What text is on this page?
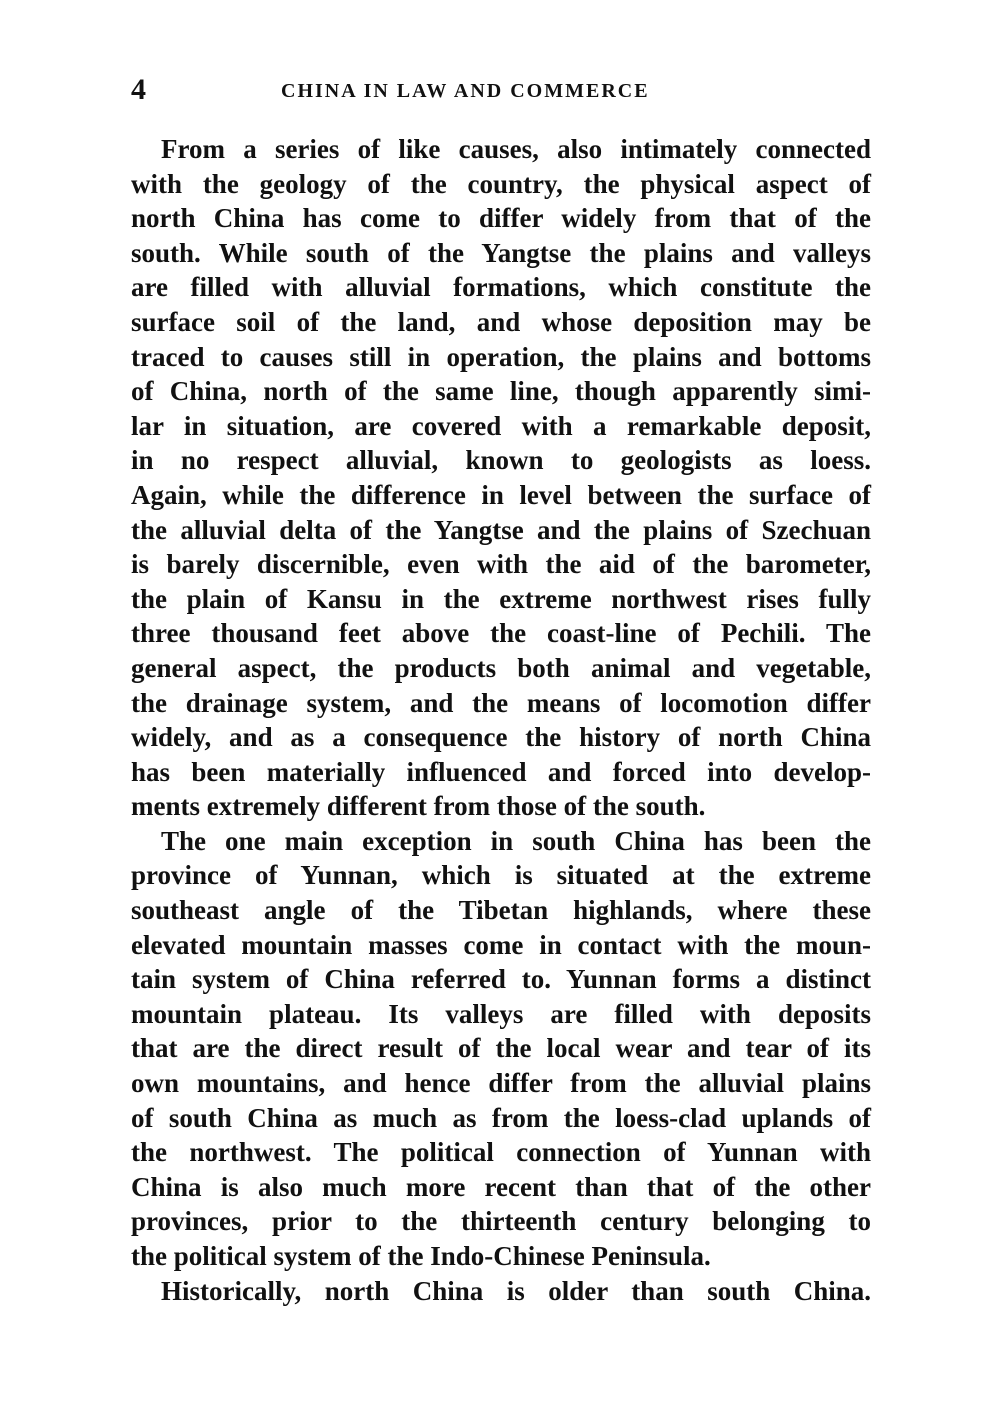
4	CHINA IN LAW AND COMMERCE
From a series of like causes, also intimately connected
with the geology of the country, the physical aspect of
north China has come to differ widely from that of the
south. While south of the Yangtse the plains and valleys
are filled with alluvial formations, which constitute the
surface soil of the land, and whose deposition may be
traced to causes still in operation, the plains and bottoms
of China, north of the same line, though apparently simi-
lar in situation, are covered with a remarkable deposit,
in no respect alluvial, known to geologists as loess.
Again, while the difference in level between the surface of
the alluvial delta of the Yangtse and the plains of Szechuan
is barely discernible, even with the aid of the barometer,
the plain of Kansu in the extreme northwest rises fully
three thousand feet above the coast-line of Pechili. The
general aspect, the products both animal and vegetable,
the drainage system, and the means of locomotion differ
widely, and as a consequence the history of north China
has been materially influenced and forced into develop-
ments extremely different from those of the south.
The one main exception in south China has been the
province of Yunnan, which is situated at the extreme
southeast angle of the Tibetan highlands, where these
elevated mountain masses come in contact with the moun-
tain system of China referred to. Yunnan forms a distinct
mountain plateau. Its valleys are filled with deposits
that are the direct result of the local wear and tear of its
own mountains, and hence differ from the alluvial plains
of south China as much as from the loess-clad uplands of
the northwest. The political connection of Yunnan with
China is also much more recent than that of the other
provinces, prior to the thirteenth century belonging to
the political system of the Indo-Chinese Peninsula.
Historically, north China is older than south China.
